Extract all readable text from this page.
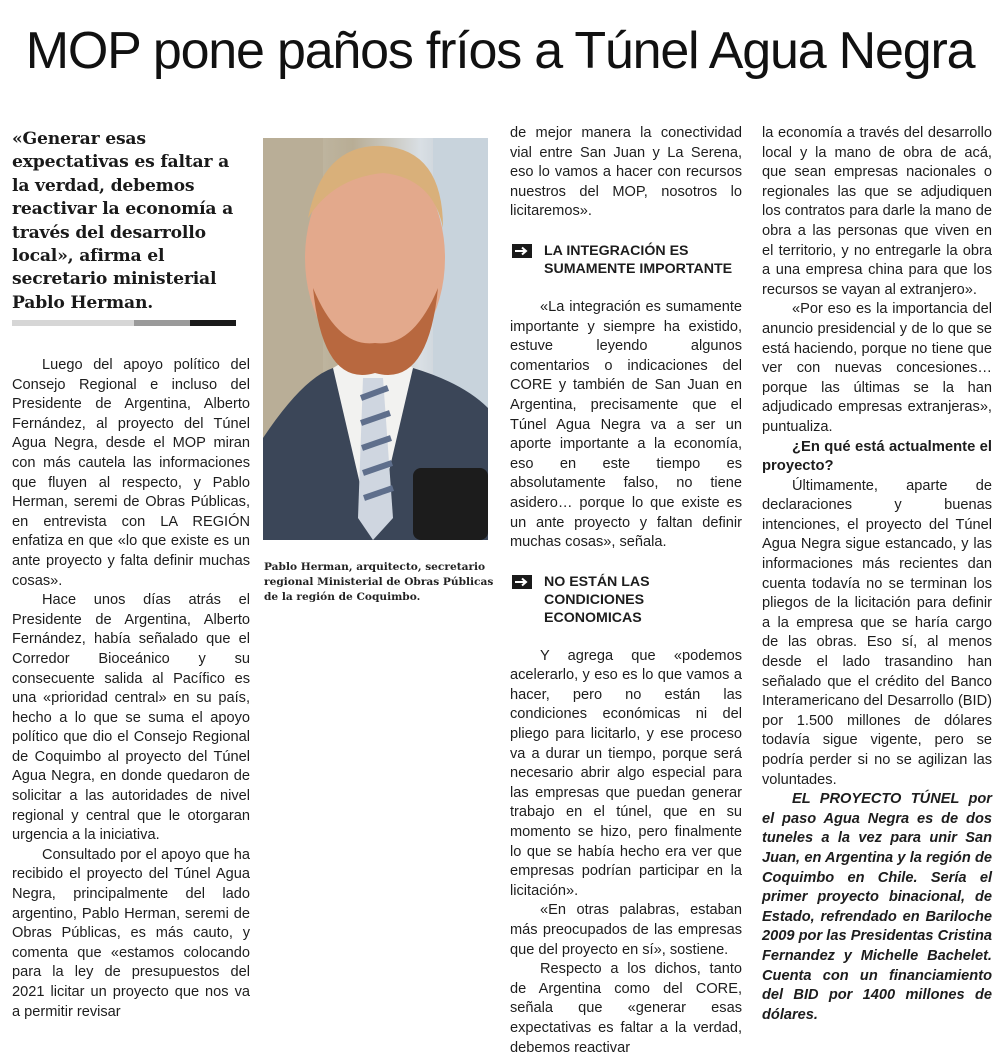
MOP pone paños fríos a Túnel Agua Negra
«Generar esas expectativas es faltar a la verdad, debemos reactivar la economía a través del desarrollo local», afirma el secretario ministerial Pablo Herman.

Luego del apoyo político del Consejo Regional e incluso del Presidente de Argentina, Alberto Fernández, al proyecto del Túnel Agua Negra, desde el MOP miran con más cautela las informaciones que fluyen al respecto, y Pablo Herman, seremi de Obras Públicas, en entrevista con LA REGIÓN enfatiza en que «lo que existe es un ante proyecto y falta definir muchas cosas».

Hace unos días atrás el Presidente de Argentina, Alberto Fernández, había señalado que el Corredor Bioceánico y su consecuente salida al Pacífico es una «prioridad central» en su país, hecho a lo que se suma el apoyo político que dio el Consejo Regional de Coquimbo al proyecto del Túnel Agua Negra, en donde quedaron de solicitar a las autoridades de nivel regional y central que le otorgaran urgencia a la iniciativa.

Consultado por el apoyo que ha recibido el proyecto del Túnel Agua Negra, principalmente del lado argentino, Pablo Herman, seremi de Obras Públicas, es más cauto, y comenta que «estamos colocando para la ley de presupuestos del 2021 licitar un proyecto que nos va a permitir revisar

Pablo Herman, arquitecto, secretario regional Ministerial de Obras Públicas de la región de Coquimbo.

de mejor manera la conectividad vial entre San Juan y La Serena, eso lo vamos a hacer con recursos nuestros del MOP, nosotros lo licitaremos».

LA INTEGRACIÓN ES SUMAMENTE IMPORTANTE

«La integración es sumamente importante y siempre ha existido, estuve leyendo algunos comentarios o indicaciones del CORE y también de San Juan en Argentina, precisamente que el Túnel Agua Negra va a ser un aporte importante a la economía, eso en este tiempo es absolutamente falso, no tiene asidero… porque lo que existe es un ante proyecto y faltan definir muchas cosas», señala.

NO ESTÁN LAS CONDICIONES ECONOMICAS

Y agrega que «podemos acelerarlo, y eso es lo que vamos a hacer, pero no están las condiciones económicas ni del pliego para licitarlo, y ese proceso va a durar un tiempo, porque será necesario abrir algo especial para las empresas que puedan generar trabajo en el túnel, que en su momento se hizo, pero finalmente lo que se había hecho era ver que empresas podrían participar en la licitación».

«En otras palabras, estaban más preocupados de las empresas que del proyecto en sí», sostiene.

Respecto a los dichos, tanto de Argentina como del CORE, señala que «generar esas expectativas es faltar a la verdad, debemos reactivar

la economía a través del desarrollo local y la mano de obra de acá, que sean empresas nacionales o regionales las que se adjudiquen los contratos para darle la mano de obra a las personas que viven en el territorio, y no entregarle la obra a una empresa china para que los recursos se vayan al extranjero».

«Por eso es la importancia del anuncio presidencial y de lo que se está haciendo, porque no tiene que ver con nuevas concesiones… porque las últimas se la han adjudicado empresas extranjeras», puntualiza.

¿En qué está actualmente el proyecto?

Últimamente, aparte de declaraciones y buenas intenciones, el proyecto del Túnel Agua Negra sigue estancado, y las informaciones más recientes dan cuenta todavía no se terminan los pliegos de la licitación para definir a la empresa que se haría cargo de las obras. Eso sí, al menos desde el lado trasandino han señalado que el crédito del Banco Interamericano del Desarrollo (BID) por 1.500 millones de dólares todavía sigue vigente, pero se podría perder si no se agilizan las voluntades.

EL PROYECTO TÚNEL por el paso Agua Negra es de dos tuneles a la vez para unir San Juan, en Argentina y la región de Coquimbo en Chile. Sería el primer proyecto binacional, de Estado, refrendado en Bariloche 2009 por las Presidentas Cristina Fernandez y Michelle Bachelet. Cuenta con un financiamiento del BID por 1400 millones de dólares.
